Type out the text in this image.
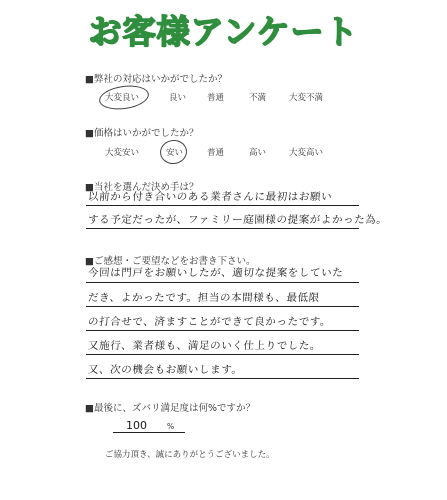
お客様アンケート
■弊社の対応はいかがでしたか？
大変良い	良い 普通	不満	大変不満
■価格はいかがでしたか？
大変安い	安い	普通	高い	大変高い
■当社を選んだ決め手は？
以前から付き合いのある業者さんに最初はお願い
する予定だったが、ファミリー庭園様の提案がよかった為。
■ご感想・ご要望などをお書き下さい。
今回は門戸をお願いしたが、適切な提案をしていた
だき、よかったです。担当の本間様も、最低限
の打合せで、済ますことができて良かったです。
又施行、業者様も、満足のいく仕上りでした。
又、次の機会もお願いします。
■最後に、ズバリ満足度は何%ですか？
100	%
ご協力頂き、誠にありがとうございました。
